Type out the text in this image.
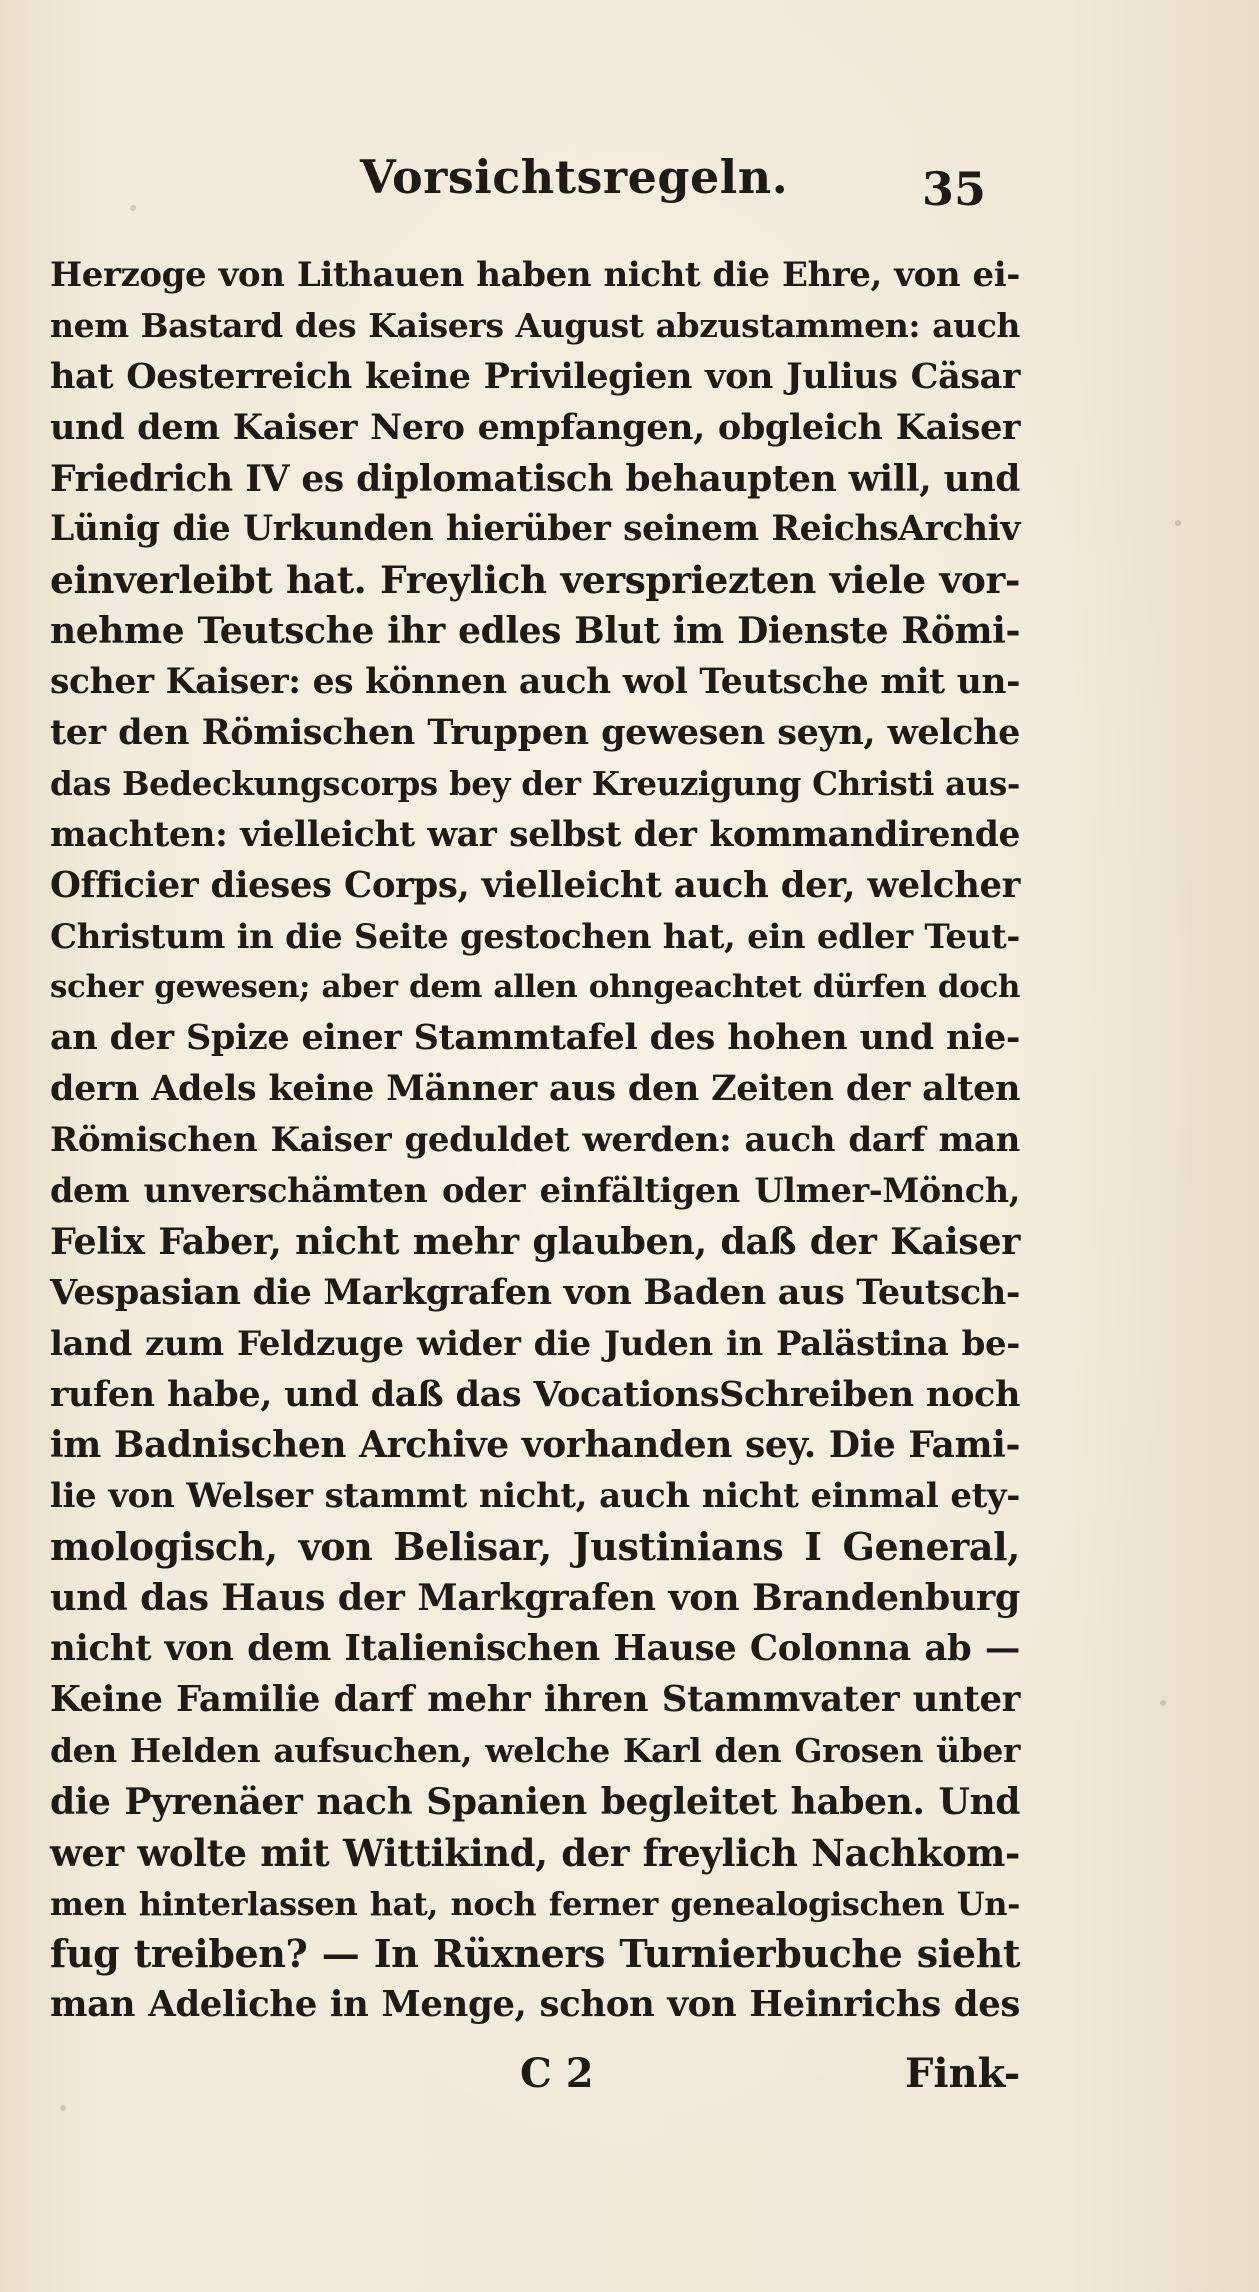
Vorsichtsregeln.	35
Herzoge von Lithauen haben nicht die Ehre, von ei-
nem Bastard des Kaisers August abzustammen: auch
hat Oesterreich keine Privilegien von Julius Cäsar
und dem Kaiser Nero empfangen, obgleich Kaiser
Friedrich IV es diplomatisch behaupten will, und
Lünig die Urkunden hierüber seinem ReichsArchiv
einverleibt hat. Freylich verspriezten viele vor-
nehme Teutsche ihr edles Blut im Dienste Römi-
scher Kaiser: es können auch wol Teutsche mit un-
ter den Römischen Truppen gewesen seyn, welche
das Bedeckungscorps bey der Kreuzigung Christi aus-
machten: vielleicht war selbst der kommandirende
Officier dieses Corps, vielleicht auch der, welcher
Christum in die Seite gestochen hat, ein edler Teut-
scher gewesen; aber dem allen ohngeachtet dürfen doch
an der Spize einer Stammtafel des hohen und nie-
dern Adels keine Männer aus den Zeiten der alten
Römischen Kaiser geduldet werden: auch darf man
dem unverschämten oder einfältigen Ulmer-Mönch,
Felix Faber, nicht mehr glauben, daß der Kaiser
Vespasian die Markgrafen von Baden aus Teutsch-
land zum Feldzuge wider die Juden in Palästina be-
rufen habe, und daß das VocationsSchreiben noch
im Badnischen Archive vorhanden sey. Die Fami-
lie von Welser stammt nicht, auch nicht einmal ety-
mologisch, von Belisar, Justinians I General,
und das Haus der Markgrafen von Brandenburg
nicht von dem Italienischen Hause Colonna ab —
Keine Familie darf mehr ihren Stammvater unter
den Helden aufsuchen, welche Karl den Grosen über
die Pyrenäer nach Spanien begleitet haben. Und
wer wolte mit Wittikind, der freylich Nachkom-
men hinterlassen hat, noch ferner genealogischen Un-
fug treiben? — In Rüxners Turnierbuche sieht
man Adeliche in Menge, schon von Heinrichs des
C 2	Fink-
